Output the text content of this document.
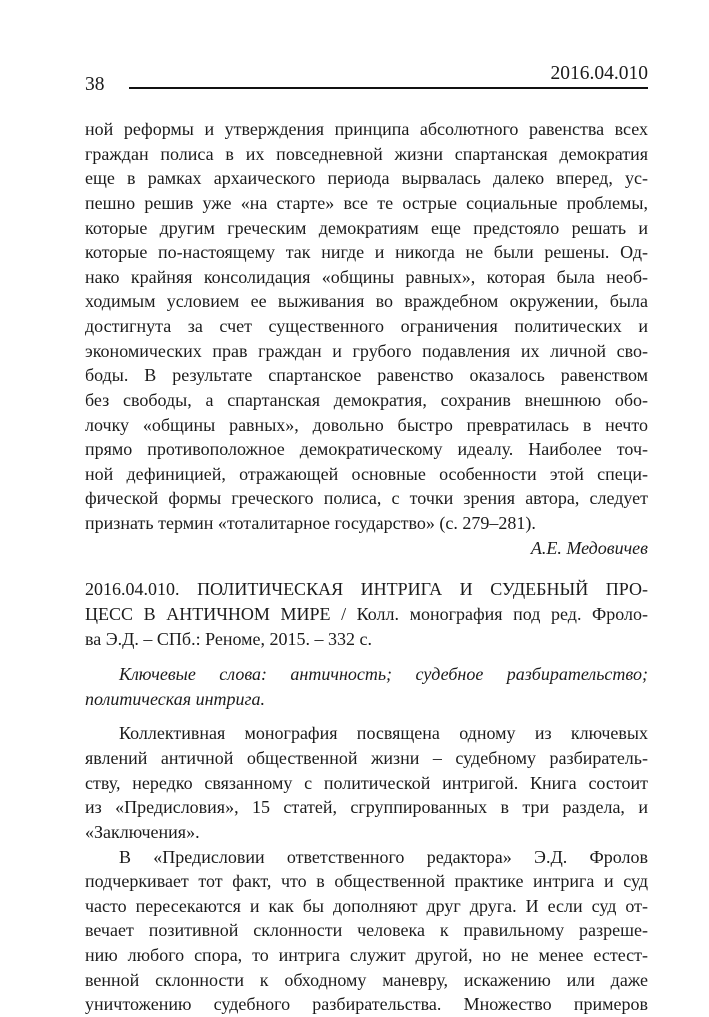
38
2016.04.010
ной реформы и утверждения принципа абсолютного равенства всех
граждан полиса в их повседневной жизни спартанская демократия
еще в рамках архаического периода вырвалась далеко вперед, ус-
пешно решив уже «на старте» все те острые социальные проблемы,
которые другим греческим демократиям еще предстояло решать и
которые по-настоящему так нигде и никогда не были решены. Од-
нако крайняя консолидация «общины равных», которая была необ-
ходимым условием ее выживания во враждебном окружении, была
достигнута за счет существенного ограничения политических и
экономических прав граждан и грубого подавления их личной сво-
боды. В результате спартанское равенство оказалось равенством
без свободы, а спартанская демократия, сохранив внешнюю обо-
лочку «общины равных», довольно быстро превратилась в нечто
прямо противоположное демократическому идеалу. Наиболее точ-
ной дефиницией, отражающей основные особенности этой специ-
фической формы греческого полиса, с точки зрения автора, следует
признать термин «тоталитарное государство» (с. 279–281).
А.Е. Медовичев
2016.04.010. ПОЛИТИЧЕСКАЯ ИНТРИГА И СУДЕБНЫЙ ПРО-
ЦЕСС В АНТИЧНОМ МИРЕ / Колл. монография под ред. Фроло-
ва Э.Д. – СПб.: Реноме, 2015. – 332 с.
Ключевые слова: античность; судебное разбирательство;
политическая интрига.
Коллективная монография посвящена одному из ключевых
явлений античной общественной жизни – судебному разбиратель-
ству, нередко связанному с политической интригой. Книга состоит
из «Предисловия», 15 статей, сгруппированных в три раздела, и
«Заключения».
В «Предисловии ответственного редактора» Э.Д. Фролов
подчеркивает тот факт, что в общественной практике интрига и суд
часто пересекаются и как бы дополняют друг друга. И если суд от-
вечает позитивной склонности человека к правильному разреше-
нию любого спора, то интрига служит другой, но не менее естест-
венной склонности к обходному маневру, искажению или даже
уничтожению судебного разбирательства. Множество примеров
